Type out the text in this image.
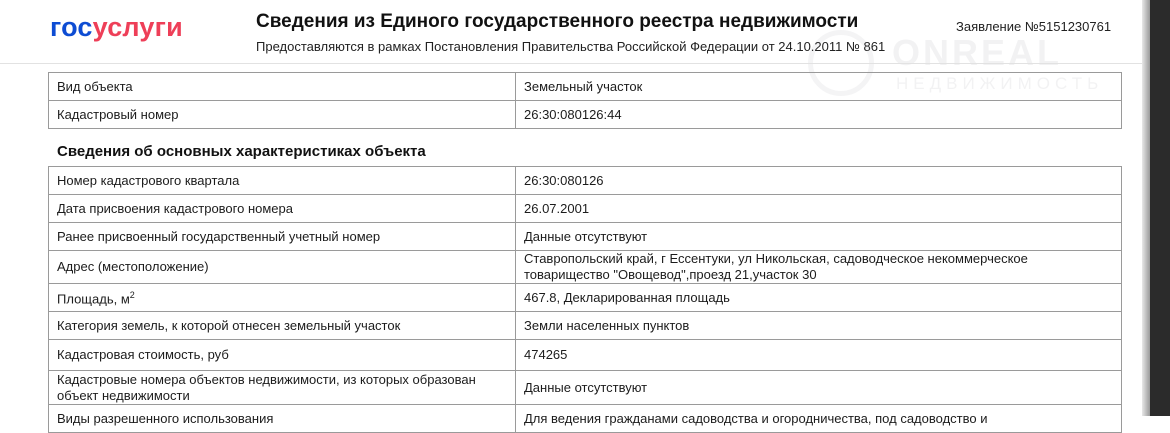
госуслуги	Сведения из Единого государственного реестра недвижимости
Предоставляются в рамках Постановления Правительства Российской Федерации от 24.10.2011 № 861
Заявление №5151230761
ONREAL
НЕДВИЖИМОСТЬ
Вид объекта	Земельный участок
Кадастровый номер	26:30:080126:44
Сведения об основных характеристиках объекта
Номер кадастрового квартала	26:30:080126
Дата присвоения кадастрового номера	26.07.2001
Ранее присвоенный государственный учетный номер	Данные отсутствуют
Адрес (местоположение)	Ставропольский край, г Ессентуки, ул Никольская, садоводческое некоммерческое
товарищество "Овощевод",проезд 21,участок 30

Площадь, $м^2$	467.8, Декларированная площадь
Категория земель, к которой отнесен земельный участок	Земли населенных пунктов
Кадастровая стоимость, руб	474265

Кадастровые номера объектов недвижимости, из которых образован
объект недвижимости	Данные отсутствуют
Виды разрешенного использования	Для ведения гражданами садоводства и огородничества, под садоводство и
